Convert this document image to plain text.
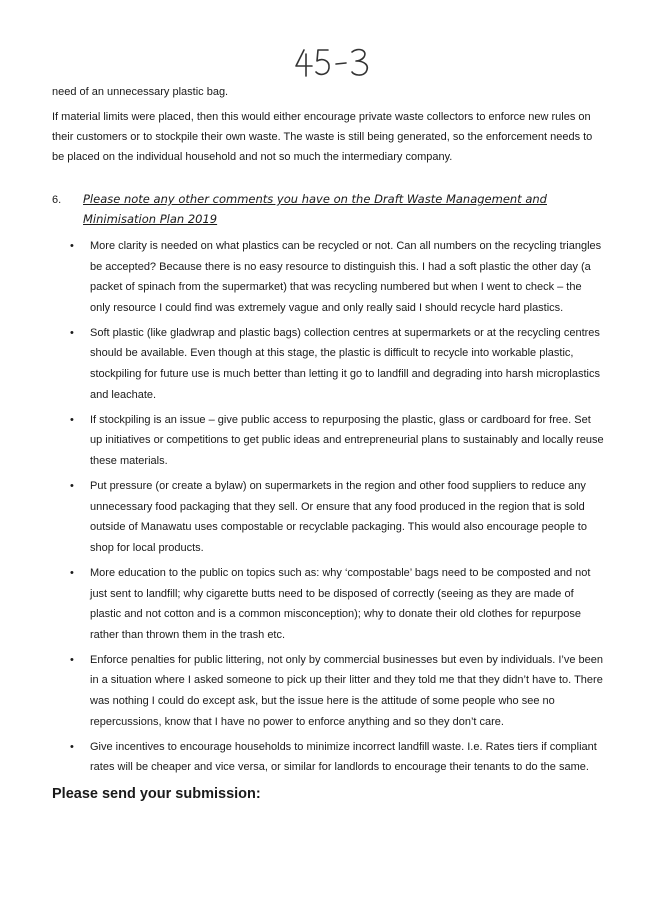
need of an unnecessary plastic bag.

If material limits were placed, then this would either encourage private waste collectors to enforce new rules on their customers or to stockpile their own waste. The waste is still being generated, so the enforcement needs to be placed on the individual household and not so much the intermediary company.

6. Please note any other comments you have on the Draft Waste Management and Minimisation Plan 2019
• More clarity is needed on what plastics can be recycled or not. Can all numbers on the recycling triangles be accepted? Because there is no easy resource to distinguish this. I had a soft plastic the other day (a packet of spinach from the supermarket) that was recycling numbered but when I went to check – the only resource I could find was extremely vague and only really said I should recycle hard plastics.
• Soft plastic (like gladwrap and plastic bags) collection centres at supermarkets or at the recycling centres should be available. Even though at this stage, the plastic is difficult to recycle into workable plastic, stockpiling for future use is much better than letting it go to landfill and degrading into harsh microplastics and leachate.
• If stockpiling is an issue – give public access to repurposing the plastic, glass or cardboard for free. Set up initiatives or competitions to get public ideas and entrepreneurial plans to sustainably and locally reuse these materials.
• Put pressure (or create a bylaw) on supermarkets in the region and other food suppliers to reduce any unnecessary food packaging that they sell. Or ensure that any food produced in the region that is sold outside of Manawatu uses compostable or recyclable packaging. This would also encourage people to shop for local products.
• More education to the public on topics such as: why ‘compostable’ bags need to be composted and not just sent to landfill; why cigarette butts need to be disposed of correctly (seeing as they are made of plastic and not cotton and is a common misconception); why to donate their old clothes for repurpose rather than thrown them in the trash etc.
• Enforce penalties for public littering, not only by commercial businesses but even by individuals. I’ve been in a situation where I asked someone to pick up their litter and they told me that they didn’t have to. There was nothing I could do except ask, but the issue here is the attitude of some people who see no repercussions, know that I have no power to enforce anything and so they don’t care.
• Give incentives to encourage households to minimize incorrect landfill waste. I.e. Rates tiers if compliant rates will be cheaper and vice versa, or similar for landlords to encourage their tenants to do the same.
Please send your submission:
